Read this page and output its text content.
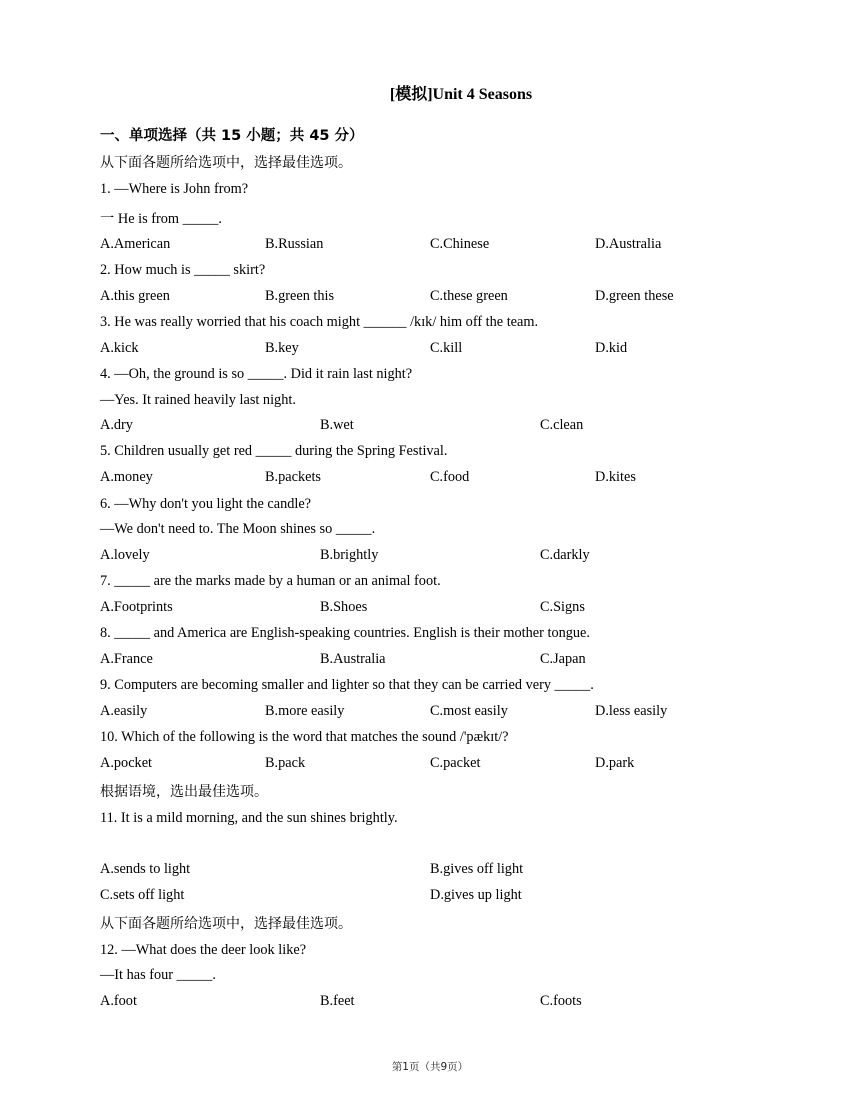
[模拟]Unit 4 Seasons
一、单项选择（共 15 小题；共 45 分）
从下面各题所给选项中，选择最佳选项。
1. —Where is John from?
一 He is from _____.
A.American	B.Russian	C.Chinese	D.Australia
2. How much is _____ skirt?
A.this green	B.green this	C.these green	D.green these
3. He was really worried that his coach might ______ /kɪk/ him off the team.
A.kick	B.key	C.kill	D.kid
4. —Oh, the ground is so _____. Did it rain last night?
—Yes. It rained heavily last night.
A.dry	B.wet	C.clean
5. Children usually get red _____ during the Spring Festival.
A.money	B.packets	C.food	D.kites
6. —Why don't you light the candle?
—We don't need to. The Moon shines so _____.
A.lovely	B.brightly	C.darkly
7. _____ are the marks made by a human or an animal foot.
A.Footprints	B.Shoes	C.Signs
8. _____ and America are English-speaking countries. English is their mother tongue.
A.France	B.Australia	C.Japan
9. Computers are becoming smaller and lighter so that they can be carried very _____.
A.easily	B.more easily	C.most easily	D.less easily
10. Which of the following is the word that matches the sound /'pækɪt/?
A.pocket	B.pack	C.packet	D.park
根据语境，选出最佳选项。
11. It is a mild morning, and the sun shines brightly.
A.sends to light	B.gives off light
C.sets off light	D.gives up light
从下面各题所给选项中，选择最佳选项。
12. —What does the deer look like?
—It has four _____.
A.foot	B.feet	C.foots
第1页（共9页）
